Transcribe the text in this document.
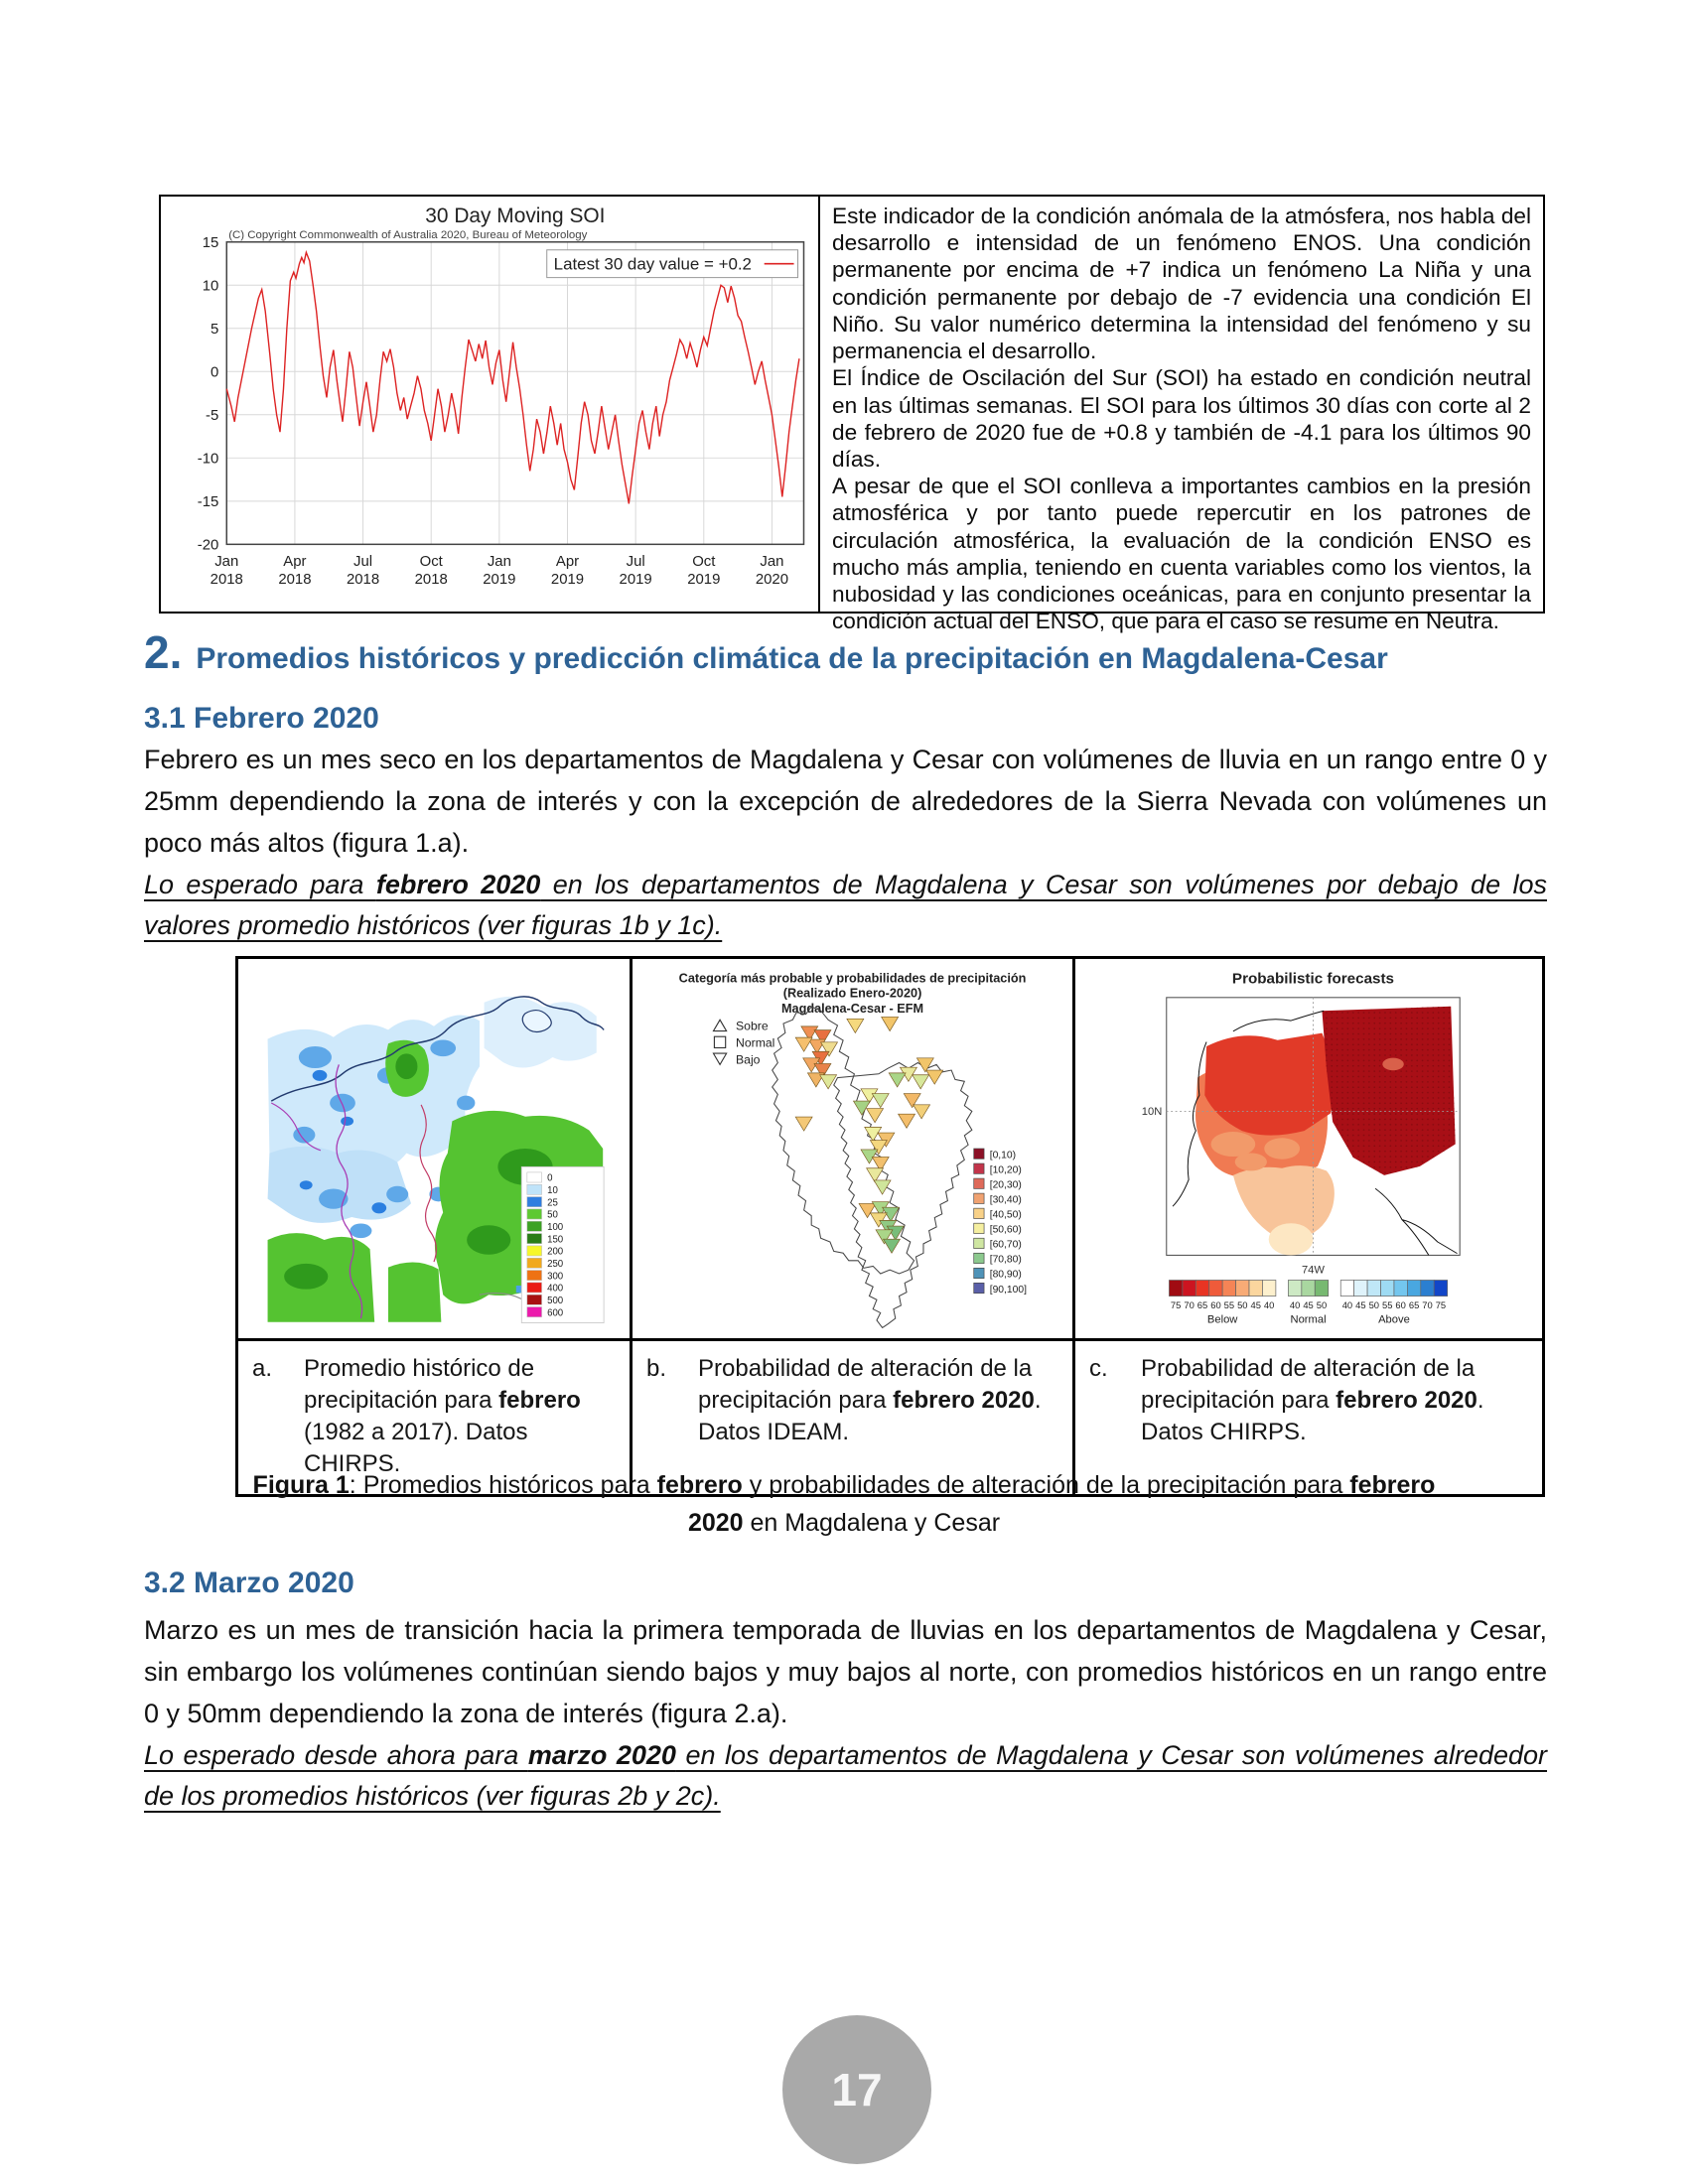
30 Day Moving SOI
(C) Copyright Commonwealth of Australia 2020, Bureau of Meteorology
15
10
5
0
-5
-10
-15
-20
Jan
2018
Apr
2018
Jul
2018
Oct
2018
Jan
2019
Apr
2019
Jul
2019
Oct
2019
Jan
2020
Latest 30 day value = +0.2

Este indicador de la condición anómala de la atmósfera, nos habla del desarrollo e intensidad de un fenómeno ENOS. Una condición permanente por encima de +7 indica un fenómeno La Niña y una condición permanente por debajo de -7 evidencia una condición El Niño. Su valor numérico determina la intensidad del fenómeno y su permanencia el desarrollo.

El Índice de Oscilación del Sur (SOI) ha estado en condición neutral en las últimas semanas. El SOI para los últimos 30 días con corte al 2 de febrero de 2020 fue de +0.8 y también de -4.1 para los últimos 90 días.

A pesar de que el SOI conlleva a importantes cambios en la presión atmosférica y por tanto puede repercutir en los patrones de circulación atmosférica, la evaluación de la condición ENSO es mucho más amplia, teniendo en cuenta variables como los vientos, la nubosidad y las condiciones oceánicas, para en conjunto presentar la condición actual del ENSO, que para el caso se resume en Neutra.

2. Promedios históricos y predicción climática de la precipitación en Magdalena-Cesar
3.1 Febrero 2020

Febrero es un mes seco en los departamentos de Magdalena y Cesar con volúmenes de lluvia en un rango entre 0 y 25mm dependiendo la zona de interés y con la excepción de alrededores de la Sierra Nevada con volúmenes un poco más altos (figura 1.a).

Lo esperado para febrero 2020 en los departamentos de Magdalena y Cesar son volúmenes por debajo de los valores promedio históricos (ver figuras 1b y 1c).

0
10
25
50
100
150
200
250
300
400
500
600
Categoría más probable y probabilidades de precipitación
(Realizado Enero-2020)
Magdalena-Cesar - EFM
Sobre
Normal
Bajo
[0,10)
[10,20)
[20,30)
[30,40)
[40,50)
[50,60)
[60,70)
[70,80)
[80,90)
[90,100]
Probabilistic forecasts
10N
74W
75 70 65 60 55 50 45 40
Below
40 45 50
Normal
40 45 50 55 60 65 70 75
Above
a.	Promedio histórico de precipitación para febrero (1982 a 2017). Datos CHIRPS.
b.	Probabilidad de alteración de la precipitación para febrero 2020. Datos IDEAM.
c.	Probabilidad de alteración de la precipitación para febrero 2020. Datos CHIRPS.
Figura 1: Promedios históricos para febrero y probabilidades de alteración de la precipitación para febrero 2020 en Magdalena y Cesar
3.2 Marzo 2020

Marzo es un mes de transición hacia la primera temporada de lluvias en los departamentos de Magdalena y Cesar, sin embargo los volúmenes continúan siendo bajos y muy bajos al norte, con promedios históricos en un rango entre 0 y 50mm dependiendo la zona de interés (figura 2.a).

Lo esperado desde ahora para marzo 2020 en los departamentos de Magdalena y Cesar son volúmenes alrededor de los promedios históricos (ver figuras 2b y 2c).

17
